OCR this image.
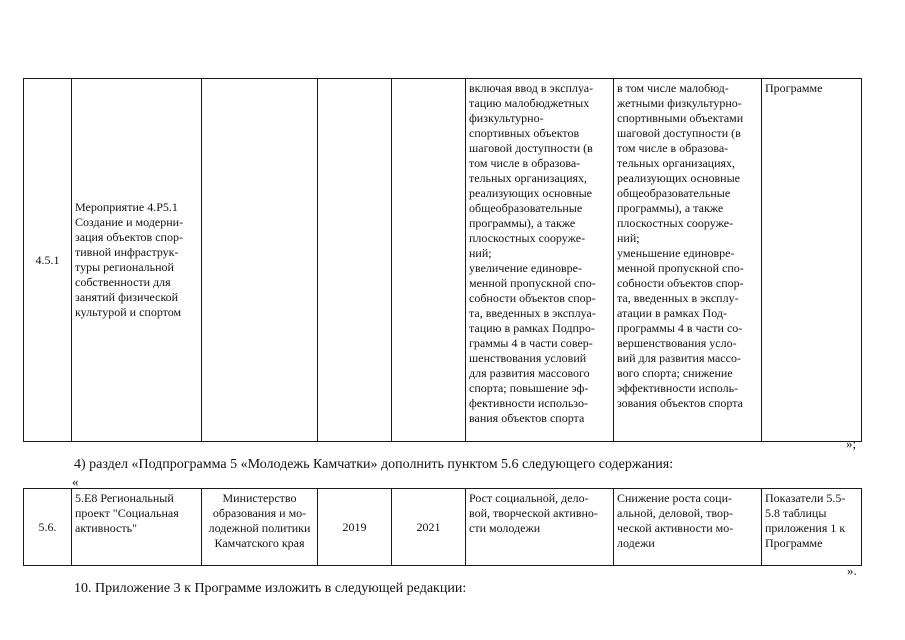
4.5.1	Мероприятие 4.Р5.1
Создание и модерни-
зация объектов спор-
тивной инфраструк-
туры региональной
собственности для
занятий физической
культурой и спортом				включая ввод в эксплуа-
тацию малобюджетных
физкультурно-
спортивных объектов
шаговой доступности (в
том числе в образова-
тельных организациях,
реализующих основные
общеобразовательные
программы), а также
плоскостных сооруже-
ний;
увеличение единовре-
менной пропускной спо-
собности объектов спор-
та, введенных в эксплуа-
тацию в рамках Подпро-
граммы 4 в части совер-
шенствования условий
для развития массового
спорта; повышение эф-
фективности использо-
вания объектов спорта	в том числе малобюд-
жетными физкультурно-
спортивными объектами
шаговой доступности (в
том числе в образова-
тельных организациях,
реализующих основные
общеобразовательные
программы), а также
плоскостных сооруже-
ний;
уменьшение единовре-
менной пропускной спо-
собности объектов спор-
та, введенных в эксплу-
атации в рамках Под-
программы 4 в части со-
вершенствования усло-
вий для развития массо-
вого спорта; снижение
эффективности исполь-
зования объектов спорта	Программе
»;
4) раздел «Подпрограмма 5 «Молодежь Камчатки» дополнить пунктом 5.6 следующего содержания:
«
5.6.	5.Е8 Региональный
проект "Социальная
активность"	Министерство
образования и мо-
лодежной политики
Камчатского края	2019	2021	Рост социальной, дело-
вой, творческой активно-
сти молодежи	Снижение роста соци-
альной, деловой, твор-
ческой активности мо-
лодежи	Показатели 5.5-
5.8 таблицы
приложения 1 к
Программе
».
10. Приложение 3 к Программе изложить в следующей редакции:
